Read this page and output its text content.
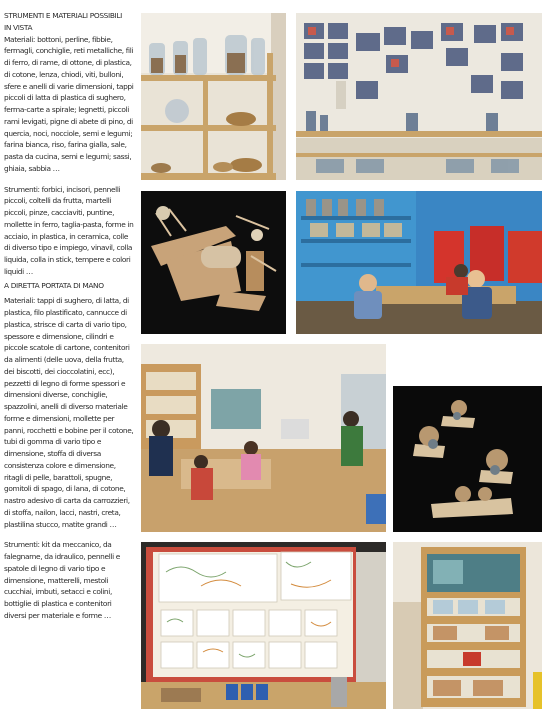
STRUMENTI E MATERIALI POSSIBILI
IN VISTA

Materiali: bottoni, perline, fibbie, fermagli, conchiglie, reti metalliche, fili di ferro, di rame, di ottone, di plastica, di cotone, lenza, chiodi, viti, bulloni, sfere e anelli di varie dimensioni, tappi piccoli di latta di plastica di sughero, ferma-carte a spirale; legnetti, piccoli rami levigati, pigne di abete di pino, di quercia, noci, nocciole, semi e legumi; farina bianca, riso, farina gialla, sale, pasta da cucina, semi e legumi; sassi, ghiaia, sabbia …

Strumenti: forbici, incisori, pennelli piccoli, coltelli da frutta, martelli piccoli, pinze, cacciaviti, puntine, mollette in ferro, taglia-pasta, forme in acciaio, in plastica, in ceramica, colle di diverso tipo e impiego, vinavil, colla liquida, colla in stick, tempere e colori liquidi …

A DIRETTA PORTATA DI MANO

Materiali: tappi di sughero, di latta, di plastica, filo plastificato, cannucce di plastica, strisce di carta di vario tipo, spessore e dimensione, cilindri e piccole scatole di cartone, contenitori da alimenti (delle uova, della frutta, dei biscotti, dei cioccolatini, ecc), pezzetti di legno di forme spessori e dimensioni diverse, conchiglie, spazzolini, anelli di diverso materiale forme e dimensioni, mollette per panni, rocchetti e bobine per il cotone, tubi di gomma di vario tipo e dimensione, stoffa di diversa consistenza colore e dimensione, ritagli di pelle, barattoli, spugne, gomitoli di spago, di lana, di cotone, nastro adesivo di carta da carrozzieri, di stoffa, nailon, lacci, nastri, creta, plastilina stucco, matite grandi …

Strumenti: kit da meccanico, da falegname, da idraulico, pennelli e spatole di legno di vario tipo e dimensione, matterelli, mestoli cucchiai, imbuti, setacci e colini, bottiglie di plastica e contenitori diversi per materiale e forme …
